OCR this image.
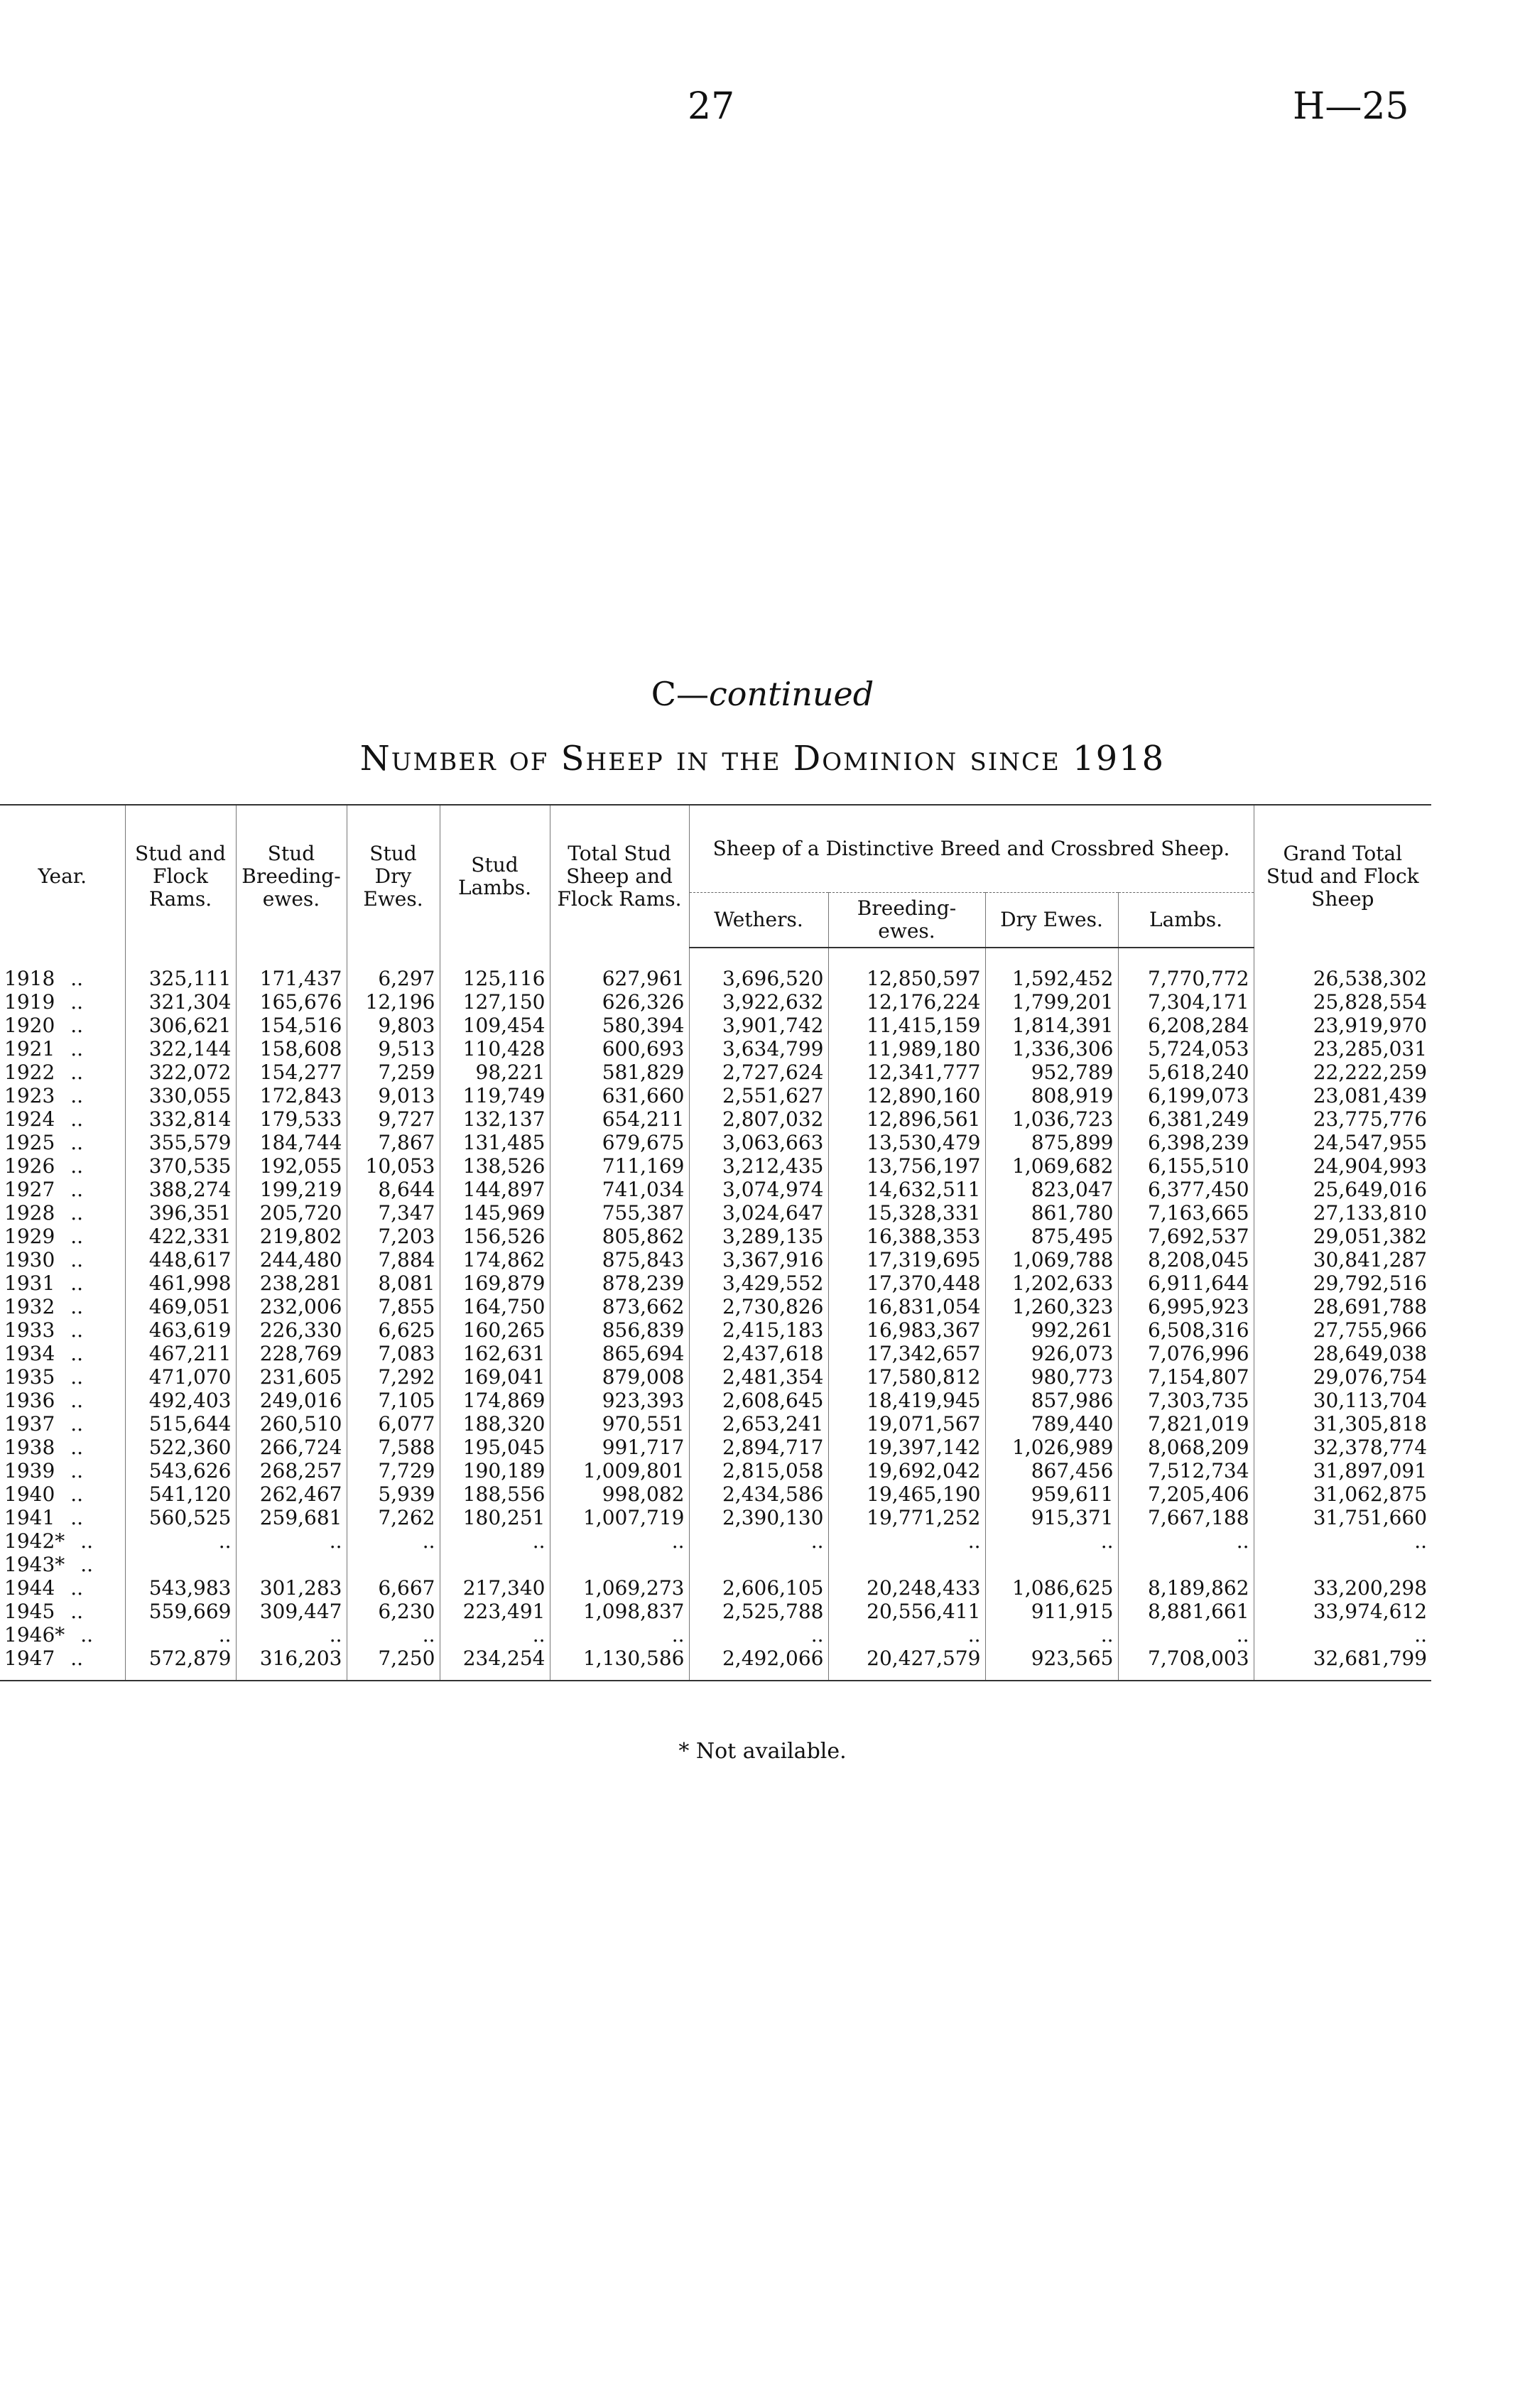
27	H—25
C—continued
Number of Sheep in the Dominion since 1918
Year.	Stud and Flock Rams.	Stud Breeding-ewes.	Stud Dry Ewes.	Stud Lambs.	Total Stud Sheep and Flock Rams.	Sheep of a Distinctive Breed and Crossbred Sheep.				Grand Total Stud and Flock Sheep
						Wethers.	Breeding-ewes.	Dry Ewes.	Lambs.	
1918 ..	325,111	171,437	6,297	125,116	627,961	3,696,520	12,850,597	1,592,452	7,770,772	26,538,302
1919 ..	321,304	165,676	12,196	127,150	626,326	3,922,632	12,176,224	1,799,201	7,304,171	25,828,554
1920 ..	306,621	154,516	9,803	109,454	580,394	3,901,742	11,415,159	1,814,391	6,208,284	23,919,970
1921 ..	322,144	158,608	9,513	110,428	600,693	3,634,799	11,989,180	1,336,306	5,724,053	23,285,031
1922 ..	322,072	154,277	7,259	98,221	581,829	2,727,624	12,341,777	952,789	5,618,240	22,222,259
1923 ..	330,055	172,843	9,013	119,749	631,660	2,551,627	12,890,160	808,919	6,199,073	23,081,439
1924 ..	332,814	179,533	9,727	132,137	654,211	2,807,032	12,896,561	1,036,723	6,381,249	23,775,776
1925 ..	355,579	184,744	7,867	131,485	679,675	3,063,663	13,530,479	875,899	6,398,239	24,547,955
1926 ..	370,535	192,055	10,053	138,526	711,169	3,212,435	13,756,197	1,069,682	6,155,510	24,904,993
1927 ..	388,274	199,219	8,644	144,897	741,034	3,074,974	14,632,511	823,047	6,377,450	25,649,016
1928 ..	396,351	205,720	7,347	145,969	755,387	3,024,647	15,328,331	861,780	7,163,665	27,133,810
1929 ..	422,331	219,802	7,203	156,526	805,862	3,289,135	16,388,353	875,495	7,692,537	29,051,382
1930 ..	448,617	244,480	7,884	174,862	875,843	3,367,916	17,319,695	1,069,788	8,208,045	30,841,287
1931 ..	461,998	238,281	8,081	169,879	878,239	3,429,552	17,370,448	1,202,633	6,911,644	29,792,516
1932 ..	469,051	232,006	7,855	164,750	873,662	2,730,826	16,831,054	1,260,323	6,995,923	28,691,788
1933 ..	463,619	226,330	6,625	160,265	856,839	2,415,183	16,983,367	992,261	6,508,316	27,755,966
1934 ..	467,211	228,769	7,083	162,631	865,694	2,437,618	17,342,657	926,073	7,076,996	28,649,038
1935 ..	471,070	231,605	7,292	169,041	879,008	2,481,354	17,580,812	980,773	7,154,807	29,076,754
1936 ..	492,403	249,016	7,105	174,869	923,393	2,608,645	18,419,945	857,986	7,303,735	30,113,704
1937 ..	515,644	260,510	6,077	188,320	970,551	2,653,241	19,071,567	789,440	7,821,019	31,305,818
1938 ..	522,360	266,724	7,588	195,045	991,717	2,894,717	19,397,142	1,026,989	8,068,209	32,378,774
1939 ..	543,626	268,257	7,729	190,189	1,009,801	2,815,058	19,692,042	867,456	7,512,734	31,897,091
1940 ..	541,120	262,467	5,939	188,556	998,082	2,434,586	19,465,190	959,611	7,205,406	31,062,875
1941 ..	560,525	259,681	7,262	180,251	1,007,719	2,390,130	19,771,252	915,371	7,667,188	31,751,660
1942* ..	..	..	..	..	..	..	..	..	..	..
1943* ..										
1944 ..	543,983	301,283	6,667	217,340	1,069,273	2,606,105	20,248,433	1,086,625	8,189,862	33,200,298
1945 ..	559,669	309,447	6,230	223,491	1,098,837	2,525,788	20,556,411	911,915	8,881,661	33,974,612
1946* ..	..	..	..	..	..	..	..	..	..	..
1947 ..	572,879	316,203	7,250	234,254	1,130,586	2,492,066	20,427,579	923,565	7,708,003	32,681,799
* Not available.
